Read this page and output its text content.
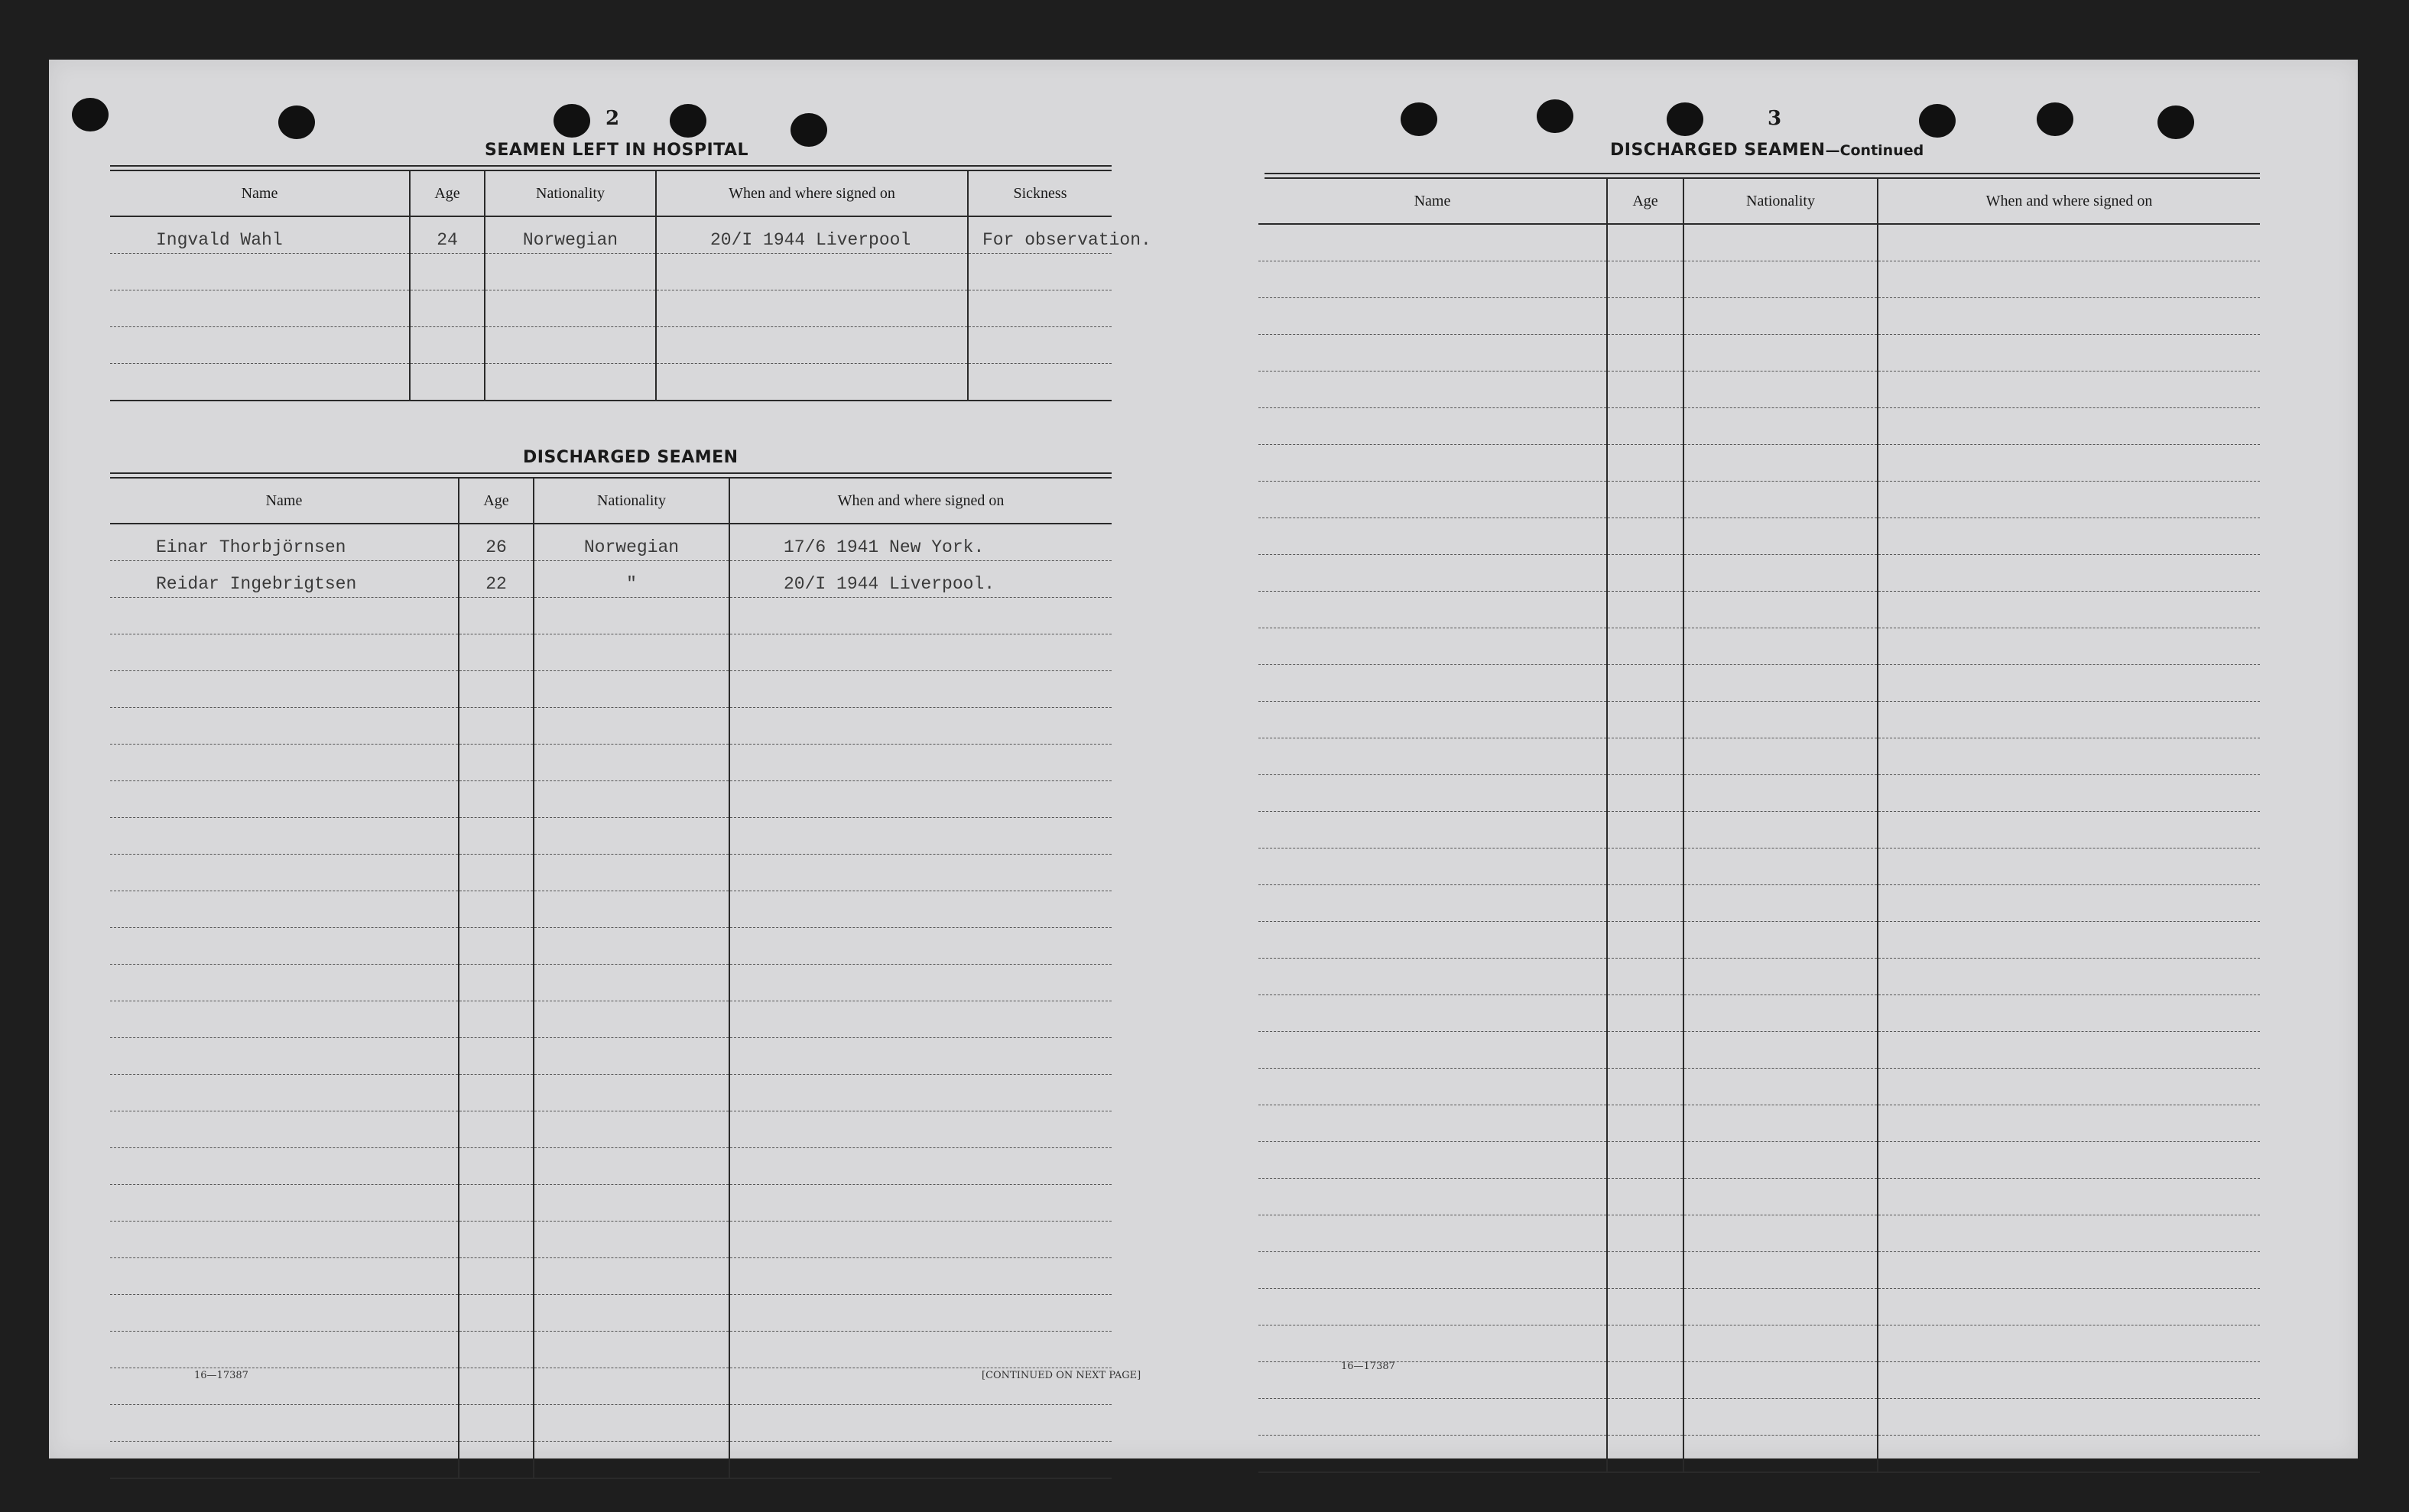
2
SEAMEN LEFT IN HOSPITAL
Name	Age	Nationality	When and where signed on	Sickness
Ingvald Wahl	24	Norwegian	20/I 1944 Liverpool	For observation.

DISCHARGED SEAMEN
Name	Age	Nationality	When and where signed on
Einar Thorbjörnsen	26	Norwegian	17/6 1941 New York.
Reidar Ingebrigtsen	22	"	20/I 1944 Liverpool.

16—17387	[CONTINUED ON NEXT PAGE]
3
DISCHARGED SEAMEN—Continued
Name	Age	Nationality	When and where signed on

16—17387
